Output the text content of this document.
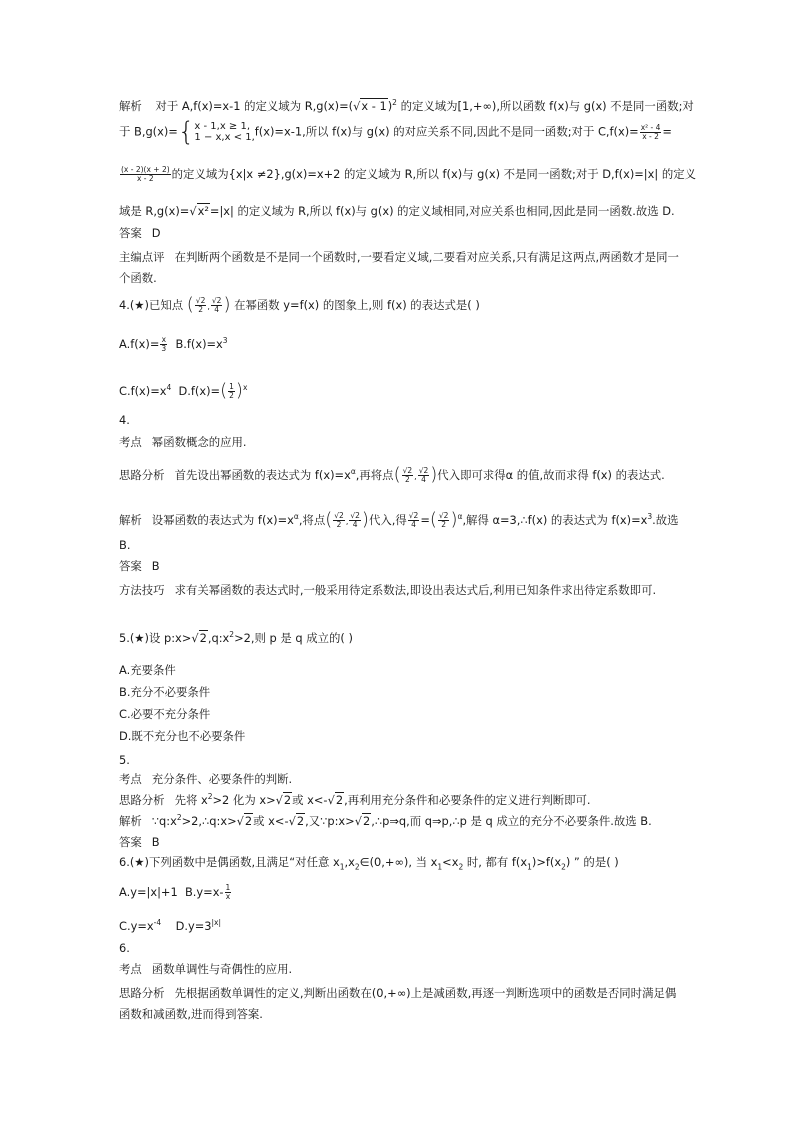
解析 对于 A,f(x)=x-1 的定义域为 R,g(x)=(√x - 1)$^2$ 的定义域为[1,+∞),所以函数 f(x)与 g(x) 不是同一函数;对
于 B,g(x)={ x - 1,x ≥ 1,
1 − x,x < 1, f(x)=x-1,所以 f(x)与 g(x) 的对应关系不同,因此不是同一函数;对于 $C,f(x)= \frac{\text{x² - 4}}{x - 2}$ =
$\frac{(x - 2)(x + 2)}{x - 2}$ 的定义域为{x|x ≠2},g(x)=x+2 的定义域为 R,所以 f(x)与 g(x) 不是同一函数;对于 D,f(x)=|x| 的定义
域是 R,g(x)=√x²=|x| 的定义域为 R,所以 f(x)与 g(x) 的定义域相同,对应关系也相同,因此是同一函数.故选 D.
答案 D
主编点评 在判断两个函数是不是同一个函数时,一要看定义域,二要看对应关系,只有满足这两点,两函数才是同一个函数.
4.(★)已知点 ( $\frac{√2}{2}$ , $\frac{√2}{4}$ ) 在幂函数 y=f(x) 的图象上,则 f(x) 的表达式是( )
$A.f(x)= \frac{x}{3} B.f(x)=x^3$
$C.f(x)=x^4$ $D.f(x)=( \frac{1}{2} )^x$
4.
考点 幂函数概念的应用.
思路分析 首先设出幂函数的表达式为 $f(x)=x^\alpha$,再将点( $\frac{√2}{2}$ , $\frac{√2}{4}$ )代入即可求得α 的值,故而求得 f(x) 的表达式.
解析 设幂函数的表达式为 $f(x)=x^\alpha$,将点( $\frac{√2}{2}$ , $\frac{√2}{4}$ )代入,得 $\frac{√2}{4}$ =( $\frac{√2}{2} )^\alpha$,解得 α=3,∴f(x) 的表达式为 $f(x)=x^3$.故选
B.
答案 B
方法技巧 求有关幂函数的表达式时,一般采用待定系数法,即设出表达式后,利用已知条件求出待定系数即可.
5.(★)设 $p:x>√2,q:x^2>2$,则 p 是 q 成立的( )
A.充要条件
B.充分不必要条件
C.必要不充分条件
D.既不充分也不必要条件
5.
考点 充分条件、必要条件的判断.
思路分析 先将 $x^2>2$ 化为 x>√2或 x<-√2,再利用充分条件和必要条件的定义进行判断即可.
解析 $\because q:x^2>2,\therefore q:x>√2$或 x<-√2,又∵p:x>√2,∴p⇒q,而 q⇒p,∴p 是 q 成立的充分不必要条件.故选 B.
答案 B
6.(★)下列函数中是偶函数,且满足“对任意 $x_1,x_2\in(0,+\infty)$, 当 $x_1<x_2$ 时, 都有 $f(x_1)>f(x_2)$ ” 的是( )
A.y=|x|+1 $B.y=x- \frac{1}{x}$
$C.y=x^{-4}$ $D.y=3^{|x|}$
6.
考点 函数单调性与奇偶性的应用.
思路分析 先根据函数单调性的定义,判断出函数在(0,+∞)上是减函数,再逐一判断选项中的函数是否同时满足偶函数和减函数,进而得到答案.
